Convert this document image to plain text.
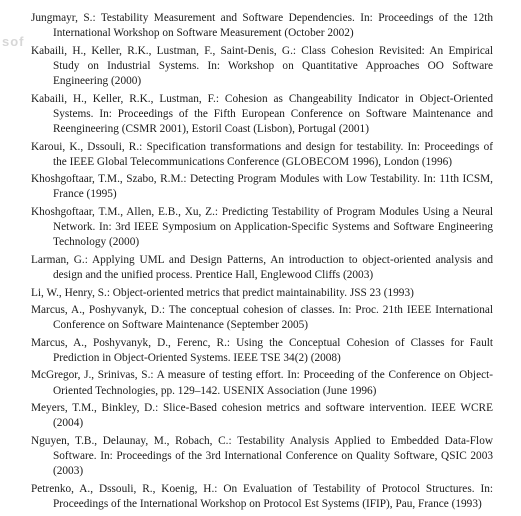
sof
Jungmayr, S.: Testability Measurement and Software Dependencies. In: Proceedings of the 12th International Workshop on Software Measurement (October 2002)
Kabaili, H., Keller, R.K., Lustman, F., Saint-Denis, G.: Class Cohesion Revisited: An Empirical Study on Industrial Systems. In: Workshop on Quantitative Approaches OO Software Engineering (2000)
Kabaili, H., Keller, R.K., Lustman, F.: Cohesion as Changeability Indicator in Object-Oriented Systems. In: Proceedings of the Fifth European Conference on Software Maintenance and Reengineering (CSMR 2001), Estoril Coast (Lisbon), Portugal (2001)
Karoui, K., Dssouli, R.: Specification transformations and design for testability. In: Proceedings of the IEEE Global Telecommunications Conference (GLOBECOM 1996), London (1996)
Khoshgoftaar, T.M., Szabo, R.M.: Detecting Program Modules with Low Testability. In: 11th ICSM, France (1995)
Khoshgoftaar, T.M., Allen, E.B., Xu, Z.: Predicting Testability of Program Modules Using a Neural Network. In: 3rd IEEE Symposium on Application-Specific Systems and Software Engineering Technology (2000)
Larman, G.: Applying UML and Design Patterns, An introduction to object-oriented analysis and design and the unified process. Prentice Hall, Englewood Cliffs (2003)
Li, W., Henry, S.: Object-oriented metrics that predict maintainability. JSS 23 (1993)
Marcus, A., Poshyvanyk, D.: The conceptual cohesion of classes. In: Proc. 21th IEEE International Conference on Software Maintenance (September 2005)
Marcus, A., Poshyvanyk, D., Ferenc, R.: Using the Conceptual Cohesion of Classes for Fault Prediction in Object-Oriented Systems. IEEE TSE 34(2) (2008)
McGregor, J., Srinivas, S.: A measure of testing effort. In: Proceeding of the Conference on Object-Oriented Technologies, pp. 129–142. USENIX Association (June 1996)
Meyers, T.M., Binkley, D.: Slice-Based cohesion metrics and software intervention. IEEE WCRE (2004)
Nguyen, T.B., Delaunay, M., Robach, C.: Testability Analysis Applied to Embedded Data-Flow Software. In: Proceedings of the 3rd International Conference on Quality Software, QSIC 2003 (2003)
Petrenko, A., Dssouli, R., Koenig, H.: On Evaluation of Testability of Protocol Structures. In: Proceedings of the International Workshop on Protocol Est Systems (IFIP), Pau, France (1993)
